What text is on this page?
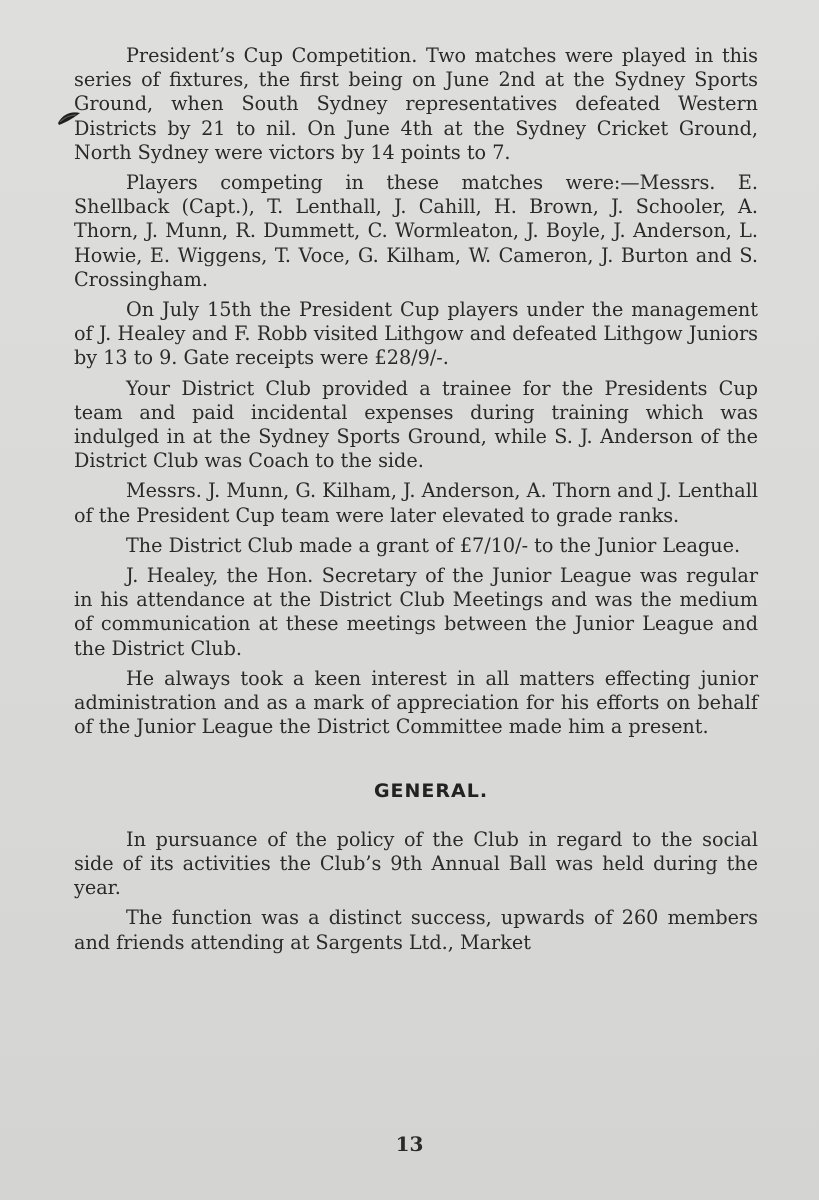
President’s Cup Competition. Two matches were played in this series of fixtures, the first being on June 2nd at the Sydney Sports Ground, when South Sydney representatives defeated Western Districts by 21 to nil. On June 4th at the Sydney Cricket Ground, North Sydney were victors by 14 points to 7.

Players competing in these matches were:—Messrs. E. Shellback (Capt.), T. Lenthall, J. Cahill, H. Brown, J. Schooler, A. Thorn, J. Munn, R. Dummett, C. Wormleaton, J. Boyle, J. Anderson, L. Howie, E. Wiggens, T. Voce, G. Kilham, W. Cameron, J. Burton and S. Crossingham.

On July 15th the President Cup players under the management of J. Healey and F. Robb visited Lithgow and defeated Lithgow Juniors by 13 to 9. Gate receipts were £28/9/-.

Your District Club provided a trainee for the Presidents Cup team and paid incidental expenses during training which was indulged in at the Sydney Sports Ground, while S. J. Anderson of the District Club was Coach to the side.

Messrs. J. Munn, G. Kilham, J. Anderson, A. Thorn and J. Lenthall of the President Cup team were later elevated to grade ranks.

The District Club made a grant of £7/10/- to the Junior League.

J. Healey, the Hon. Secretary of the Junior League was regular in his attendance at the District Club Meetings and was the medium of communication at these meetings between the Junior League and the District Club.

He always took a keen interest in all matters effecting junior administration and as a mark of appreciation for his efforts on behalf of the Junior League the District Committee made him a present.

GENERAL.

In pursuance of the policy of the Club in regard to the social side of its activities the Club’s 9th Annual Ball was held during the year.

The function was a distinct success, upwards of 260 members and friends attending at Sargents Ltd., Market

13
